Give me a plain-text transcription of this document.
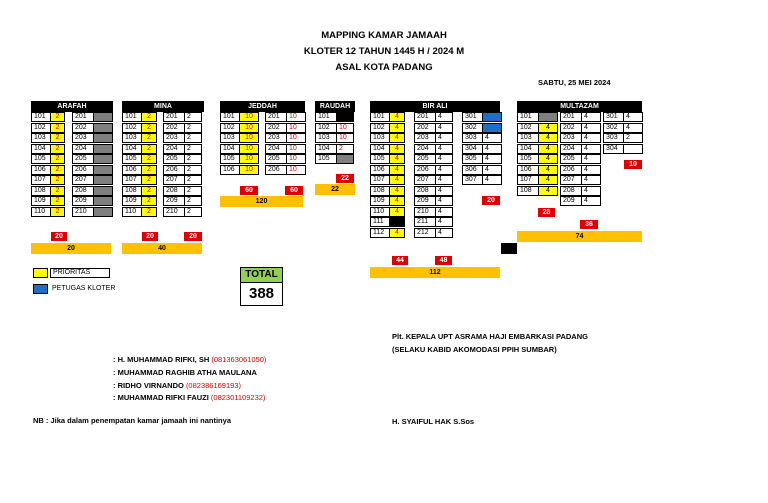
MAPPING KAMAR JAMAAH
KLOTER 12 TAHUN 1445 H / 2024 M
ASAL KOTA PADANG
SABTU, 25 MEI 2024
ARAFAH
101	2
102	2
103	2
104	2
105	2
106	2
107	2
108	2
109	2
110	2
201
202
203
204
205
206
207
208
209
210
20
20
MINA
101	2
102	2
103	2
104	2
105	2
106	2
107	2
108	2
109	2
110	2
201	2
202	2
203	2
204	2
205	2
206	2
207	2
208	2
209	2
210	2
20	20
40
JEDDAH
101	10
102	10
103	10
104	10
105	10
106	10
201	10
202	10
203	10
204	10
205	10
206	10
60	60
120
RAUDAH
101
102	10
103	10
104	2
105
22
22
BIR ALI
101	4
102	4
103	4
104	4
105	4
106	4
107	4
108	4
109	4
110	4
111
112	4
201	4
202	4
203	4
204	4
205	4
206	4
207	4
208	4
209	4
210	4
211	4
212	4
301
302
303	4
304	4
305	4
306	4
307	4
44	48
20
112
MULTAZAM
101
102	4
103	4
104	4
105	4
106	4
107	4
108	4
201	4
202	4
203	4
204	4
205	4
206	4
207	4
208	4
209	4
301	4
302	4
303	2
304
28
36
10
74
PRIORITAS
PETUGAS KLOTER
TOTAL
388
Plt. KEPALA UPT ASRAMA HAJI EMBARKASI PADANG
(SELAKU KABID AKOMODASI PPIH SUMBAR)
H. SYAIFUL HAK S.Sos
: H. MUHAMMAD RIFKI, SH (081363061050)
: MUHAMMAD RAGHIB ATHA MAULANA
: RIDHO VIRNANDO (082386169193)
: MUHAMMAD RIFKI FAUZI (082301109232)
NB : Jika dalam penempatan kamar jamaah ini nantinya
